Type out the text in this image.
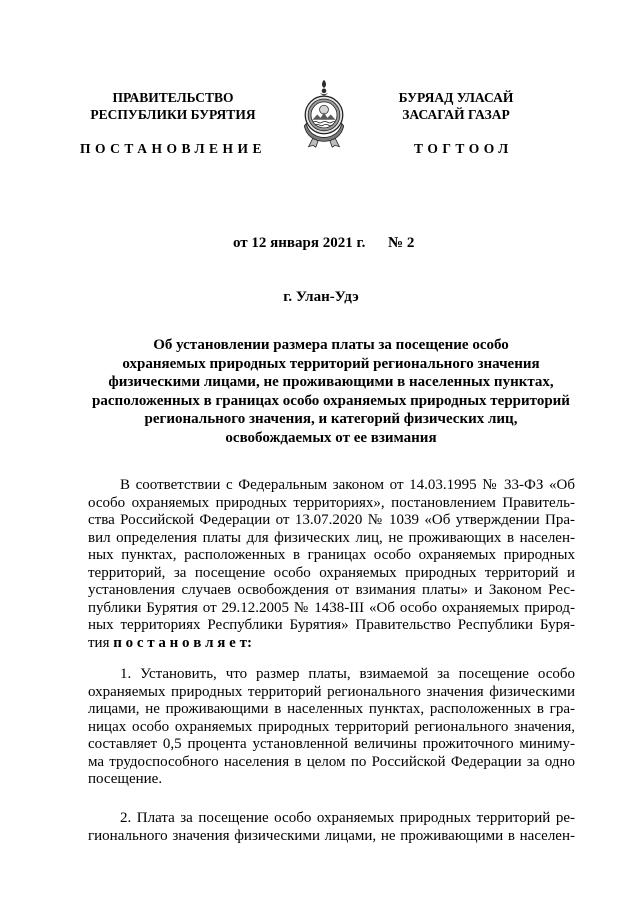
ПРАВИТЕЛЬСТВО
РЕСПУБЛИКИ БУРЯТИЯ
БУРЯАД УЛАСАЙ
ЗАСАГАЙ ГАЗАР
ПОСТАНОВЛЕНИЕ	ТОГТООЛ
от 12 января 2021 г. № 2
г. Улан-Удэ
Об установлении размера платы за посещение особо
охраняемых природных территорий регионального значения
физическими лицами, не проживающими в населенных пунктах,
расположенных в границах особо охраняемых природных территорий
регионального значения, и категорий физических лиц,
освобождаемых от ее взимания
В соответствии с Федеральным законом от 14.03.1995 № 33-ФЗ «Об
особо охраняемых природных территориях», постановлением Правитель-
ства Российской Федерации от 13.07.2020 № 1039 «Об утверждении Пра-
вил определения платы для физических лиц, не проживающих в населен-
ных пунктах, расположенных в границах особо охраняемых природных
территорий, за посещение особо охраняемых природных территорий и
установления случаев освобождения от взимания платы» и Законом Рес-
публики Бурятия от 29.12.2005 № 1438-III «Об особо охраняемых природ-
ных территориях Республики Бурятия» Правительство Республики Буря-
тия п о с т а н о в л я е т:
1. Установить, что размер платы, взимаемой за посещение особо
охраняемых природных территорий регионального значения физическими
лицами, не проживающими в населенных пунктах, расположенных в гра-
ницах особо охраняемых природных территорий регионального значения,
составляет 0,5 процента установленной величины прожиточного миниму-
ма трудоспособного населения в целом по Российской Федерации за одно
посещение.
2. Плата за посещение особо охраняемых природных территорий ре-
гионального значения физическими лицами, не проживающими в населен-
